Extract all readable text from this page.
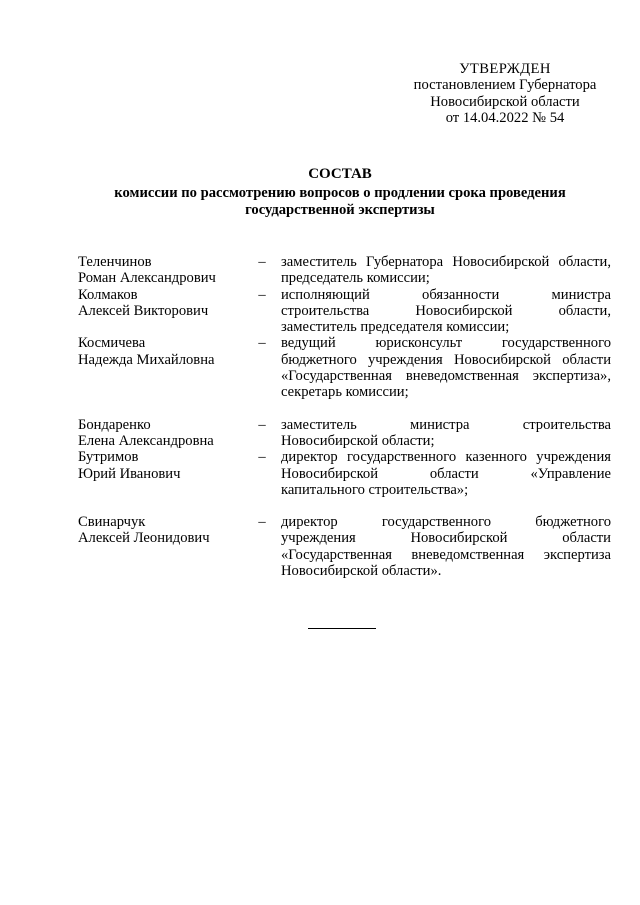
УТВЕРЖДЕН
постановлением Губернатора
Новосибирской области
от 14.04.2022 № 54
СОСТАВ
комиссии по рассмотрению вопросов о продлении срока проведения
государственной экспертизы
Теленчинов
Роман Александрович
–	заместитель Губернатора Новосибирской области,
председатель комиссии;
Колмаков
Алексей Викторович
–	исполняющий обязанности министра
строительства Новосибирской области,
заместитель председателя комиссии;
Космичева
Надежда Михайловна
–	ведущий юрисконсульт государственного
бюджетного учреждения Новосибирской области
«Государственная вневедомственная экспертиза»,
секретарь комиссии;
Бондаренко
Елена Александровна
–	заместитель министра строительства
Новосибирской области;
Бутримов
Юрий Иванович
–	директор государственного казенного учреждения
Новосибирской области «Управление
капитального строительства»;
Свинарчук
Алексей Леонидович
–	директор государственного бюджетного
учреждения Новосибирской области
«Государственная вневедомственная экспертиза
Новосибирской области».
